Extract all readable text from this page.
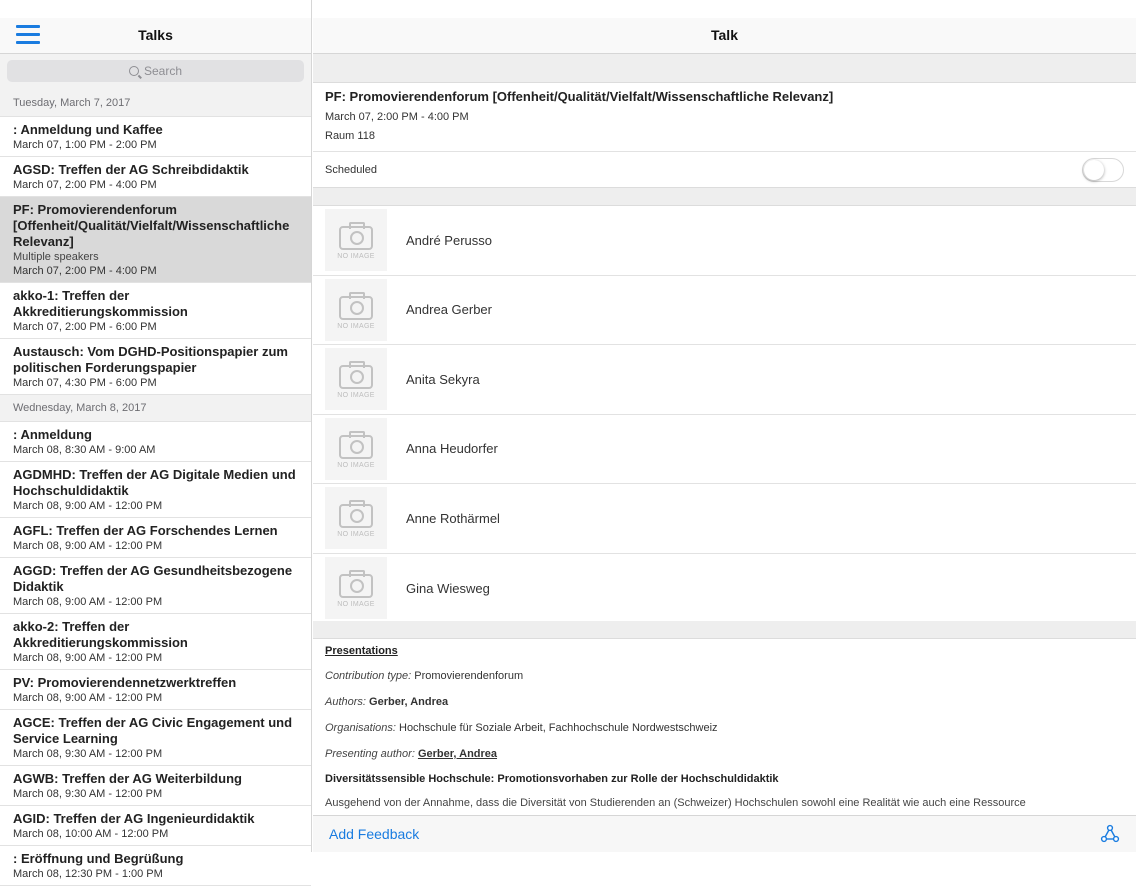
Talks
Search
Tuesday, March 7, 2017
: Anmeldung und Kaffee
March 07, 1:00 PM - 2:00 PM
AGSD: Treffen der AG Schreibdidaktik
March 07, 2:00 PM - 4:00 PM
PF: Promovierendenforum [Offenheit/Qualität/Vielfalt/Wissenschaftliche Relevanz]
Multiple speakers
March 07, 2:00 PM - 4:00 PM
akko-1: Treffen der Akkreditierungskommission
March 07, 2:00 PM - 6:00 PM
Austausch: Vom DGHD-Positionspapier zum politischen Forderungspapier
March 07, 4:30 PM - 6:00 PM
Wednesday, March 8, 2017
: Anmeldung
March 08, 8:30 AM - 9:00 AM
AGDMHD: Treffen der AG Digitale Medien und Hochschuldidaktik
March 08, 9:00 AM - 12:00 PM
AGFL: Treffen der AG Forschendes Lernen
March 08, 9:00 AM - 12:00 PM
AGGD: Treffen der AG Gesundheitsbezogene Didaktik
March 08, 9:00 AM - 12:00 PM
akko-2: Treffen der Akkreditierungskommission
March 08, 9:00 AM - 12:00 PM
PV: Promovierendennetzwerktreffen
March 08, 9:00 AM - 12:00 PM
AGCE: Treffen der AG Civic Engagement und Service Learning
March 08, 9:30 AM - 12:00 PM
AGWB: Treffen der AG Weiterbildung
March 08, 9:30 AM - 12:00 PM
AGID: Treffen der AG Ingenieurdidaktik
March 08, 10:00 AM - 12:00 PM
: Eröffnung und Begrüßung
March 08, 12:30 PM - 1:00 PM
Talk
PF: Promovierendenforum [Offenheit/Qualität/Vielfalt/Wissenschaftliche Relevanz]
March 07, 2:00 PM - 4:00 PM
Raum 118
Scheduled
NO IMAGE
André Perusso
NO IMAGE
Andrea Gerber
NO IMAGE
Anita Sekyra
NO IMAGE
Anna Heudorfer
NO IMAGE
Anne Rothärmel
NO IMAGE
Gina Wiesweg
Presentations
Contribution type: Promovierendenforum
Authors: Gerber, Andrea
Organisations: Hochschule für Soziale Arbeit, Fachhochschule Nordwestschweiz
Presenting author: Gerber, Andrea
Diversitätssensible Hochschule: Promotionsvorhaben zur Rolle der Hochschuldidaktik
Ausgehend von der Annahme, dass die Diversität von Studierenden an (Schweizer) Hochschulen sowohl eine Realität wie auch eine Ressource
Add Feedback
